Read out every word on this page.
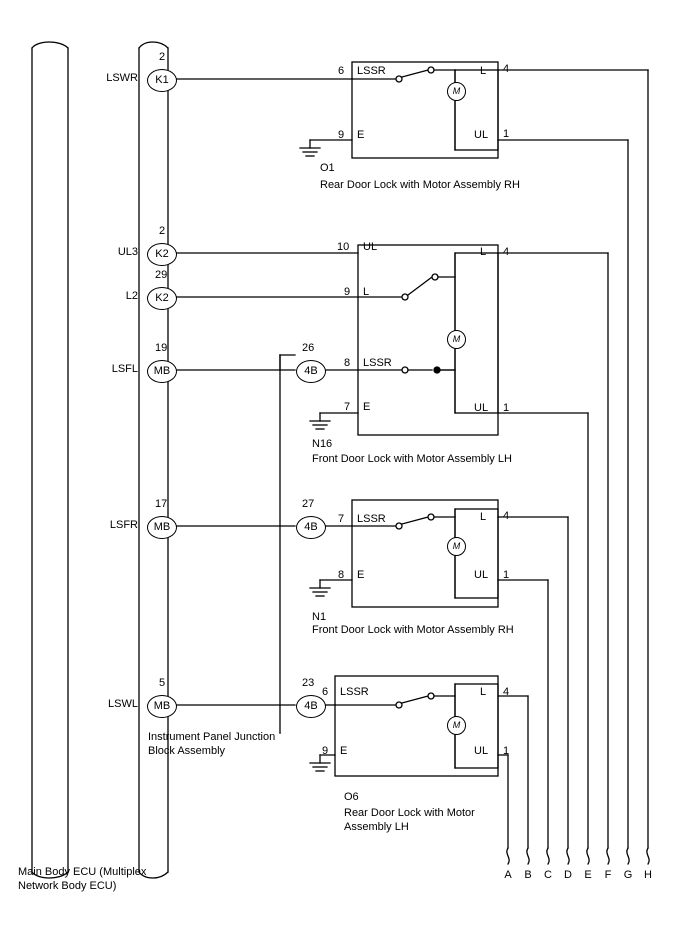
K1
2
LSWR
K2
2
UL3
K2
29
L2
MB
19
LSFL
MB
17
LSFR
MB
5
LSWL
4B
26
4B
27
4B
23
LSSR
6
E
9
L 4
UL 1
M
O1
Rear Door Lock with Motor Assembly RH
UL
10
L
9
LSSR
8
E
7
L 4
UL 1
M
N16
Front Door Lock with Motor Assembly LH
LSSR
7
E
8
L 4
UL 1
M
N1
Front Door Lock with Motor Assembly RH
LSSR
6
E
9
L 4
UL 1
M
O6
Rear Door Lock with Motor
Assembly LH
Instrument Panel Junction
Block Assembly
Main Body ECU (Multiplex
Network Body ECU)
A	B	C	D	E	F	G	H
